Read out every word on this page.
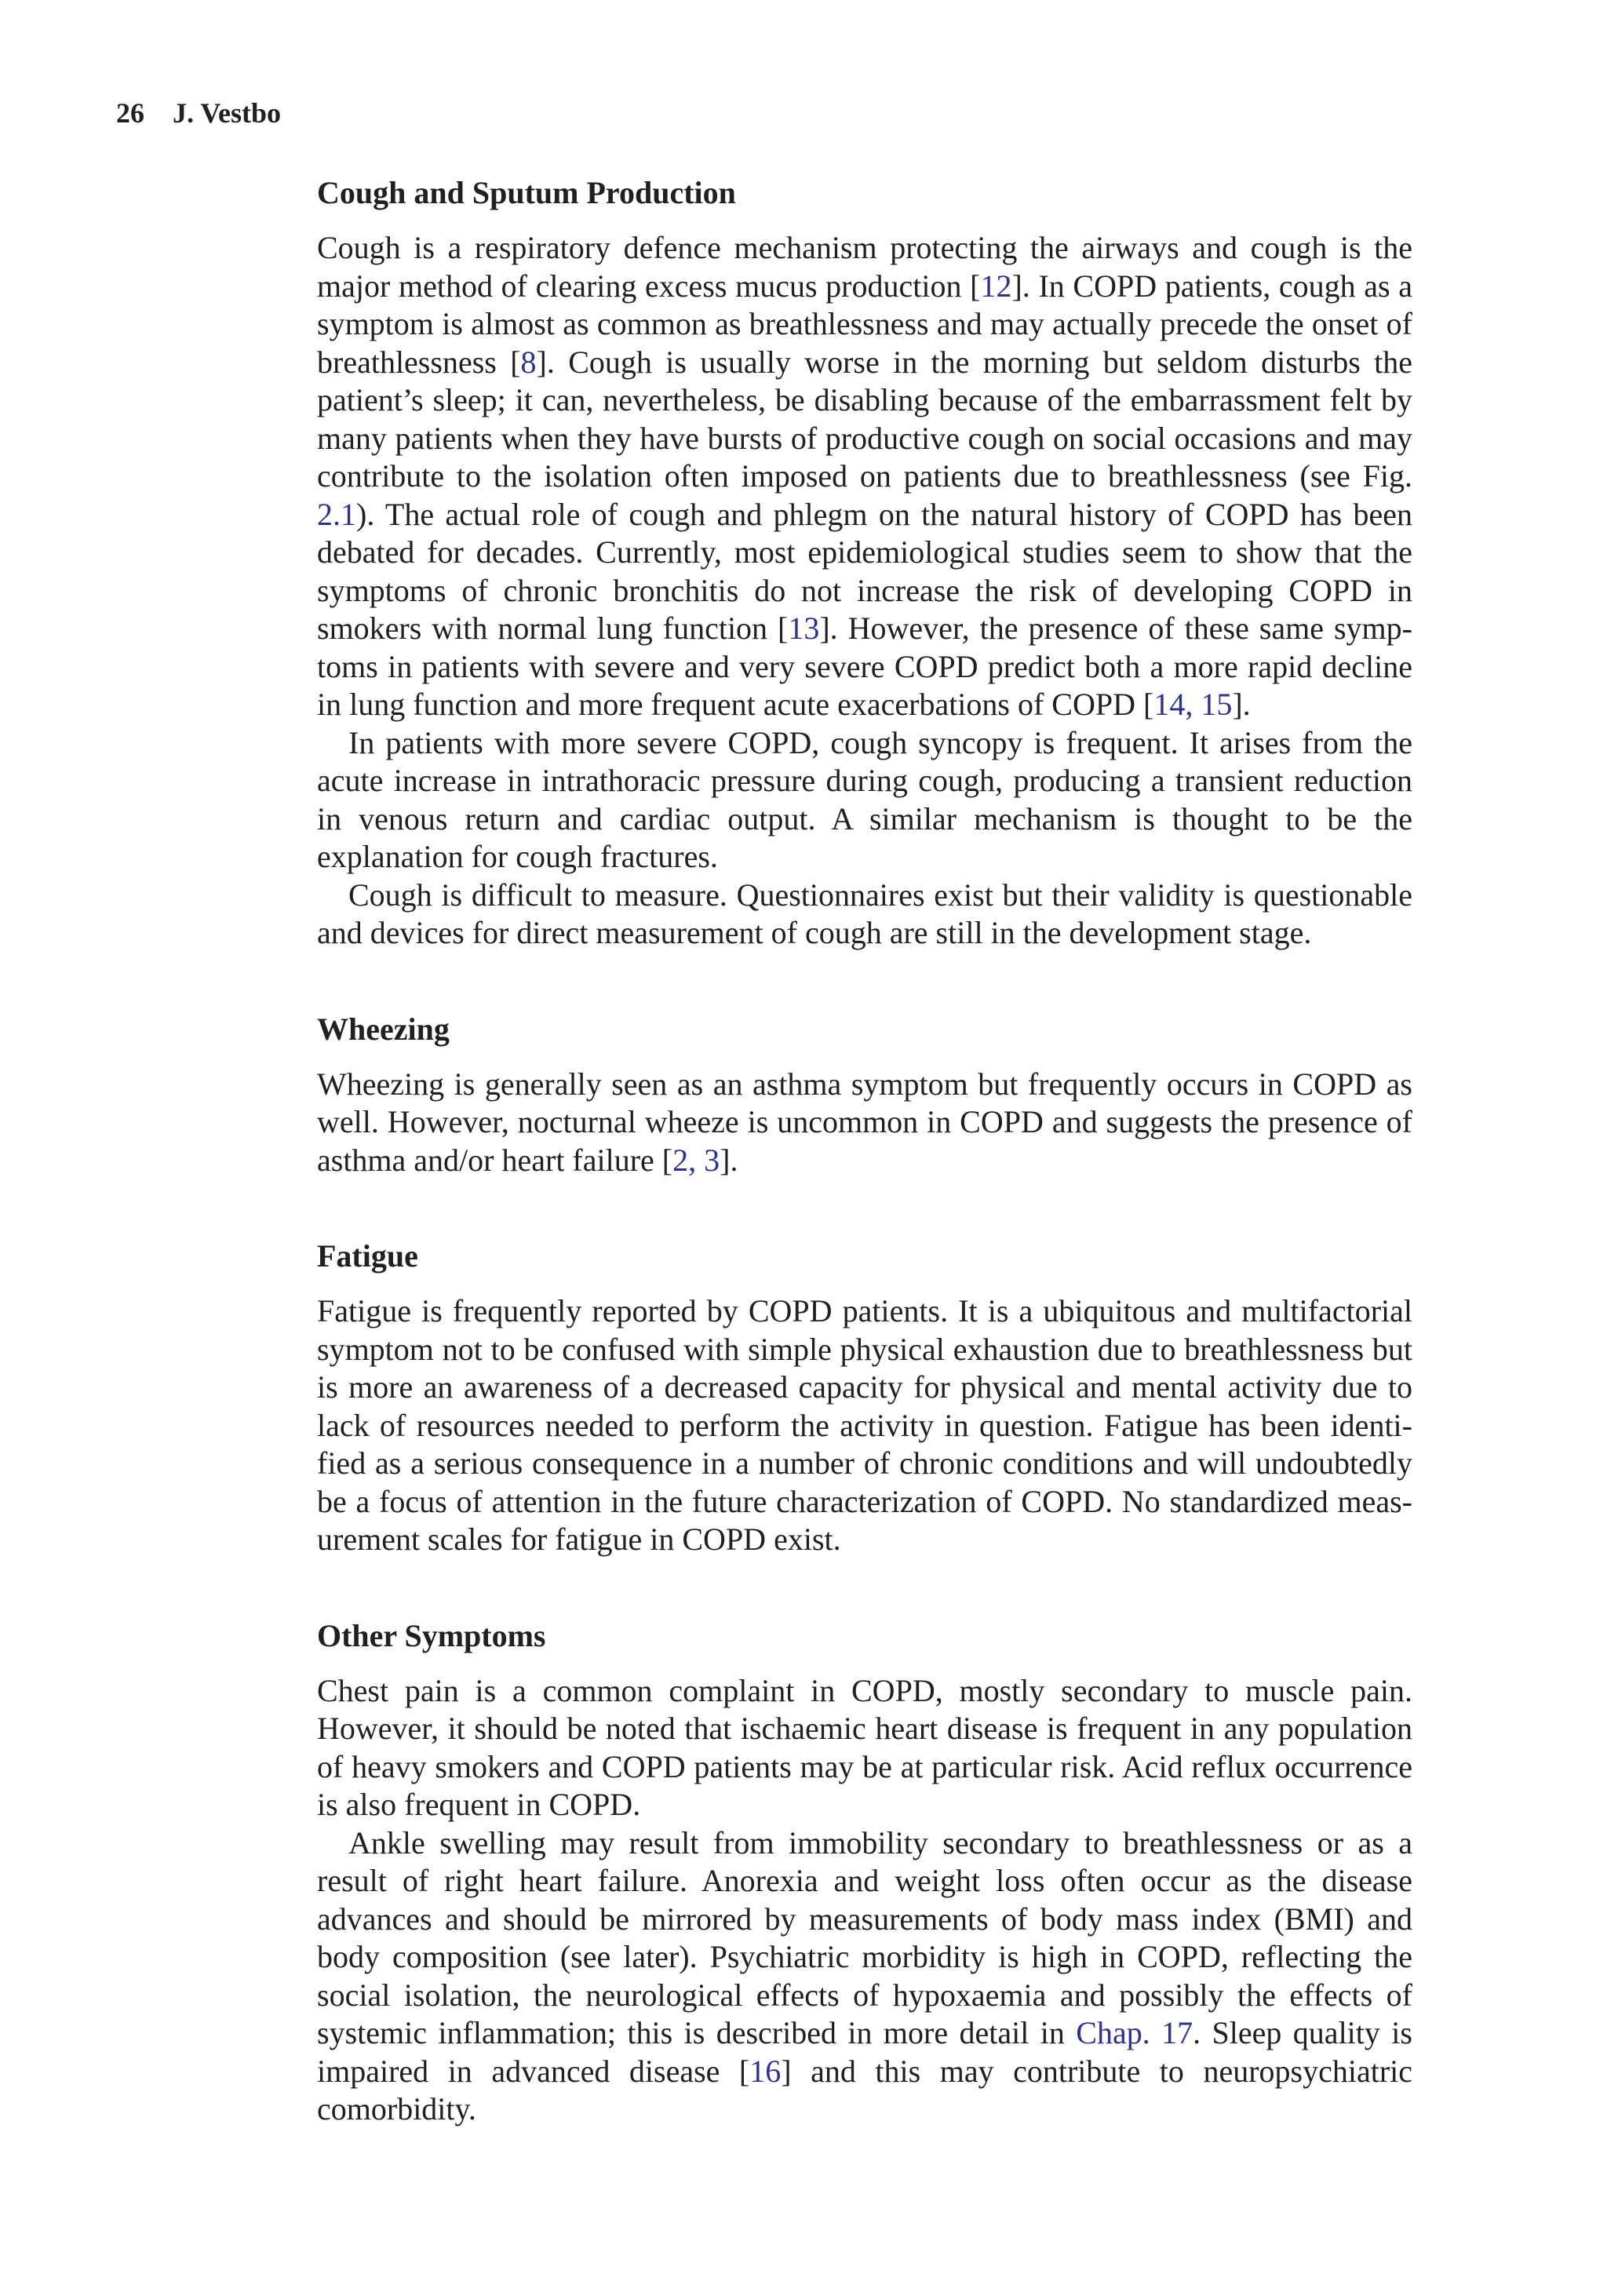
26 J. Vestbo
Cough and Sputum Production

Cough is a respiratory defence mechanism protecting the airways and cough is the major method of clearing excess mucus production [12]. In COPD patients, cough as a symptom is almost as common as breathlessness and may actually precede the onset of breathlessness [8]. Cough is usually worse in the morning but seldom disturbs the patient’s sleep; it can, nevertheless, be disabling because of the embarrassment felt by many patients when they have bursts of productive cough on social occasions and may contribute to the isolation often imposed on patients due to breathlessness (see Fig. 2.1). The actual role of cough and phlegm on the natural history of COPD has been debated for decades. Currently, most epidemiological studies seem to show that the symptoms of chronic bronchitis do not increase the risk of developing COPD in smokers with normal lung function [13]. However, the presence of these same symptoms in patients with severe and very severe COPD predict both a more rapid decline in lung function and more frequent acute exacerbations of COPD [14, 15].

In patients with more severe COPD, cough syncopy is frequent. It arises from the acute increase in intrathoracic pressure during cough, producing a transient reduction in venous return and cardiac output. A similar mechanism is thought to be the explanation for cough fractures.

Cough is difficult to measure. Questionnaires exist but their validity is questionable and devices for direct measurement of cough are still in the development stage.

Wheezing

Wheezing is generally seen as an asthma symptom but frequently occurs in COPD as well. However, nocturnal wheeze is uncommon in COPD and suggests the presence of asthma and/or heart failure [2, 3].

Fatigue

Fatigue is frequently reported by COPD patients. It is a ubiquitous and multifactorial symptom not to be confused with simple physical exhaustion due to breathlessness but is more an awareness of a decreased capacity for physical and mental activity due to lack of resources needed to perform the activity in question. Fatigue has been identified as a serious consequence in a number of chronic conditions and will undoubtedly be a focus of attention in the future characterization of COPD. No standardized measurement scales for fatigue in COPD exist.

Other Symptoms

Chest pain is a common complaint in COPD, mostly secondary to muscle pain. However, it should be noted that ischaemic heart disease is frequent in any population of heavy smokers and COPD patients may be at particular risk. Acid reflux occurrence is also frequent in COPD.

Ankle swelling may result from immobility secondary to breathlessness or as a result of right heart failure. Anorexia and weight loss often occur as the disease advances and should be mirrored by measurements of body mass index (BMI) and body composition (see later). Psychiatric morbidity is high in COPD, reflecting the social isolation, the neurological effects of hypoxaemia and possibly the effects of systemic inflammation; this is described in more detail in Chap. 17. Sleep quality is impaired in advanced disease [16] and this may contribute to neuropsychiatric comorbidity.
